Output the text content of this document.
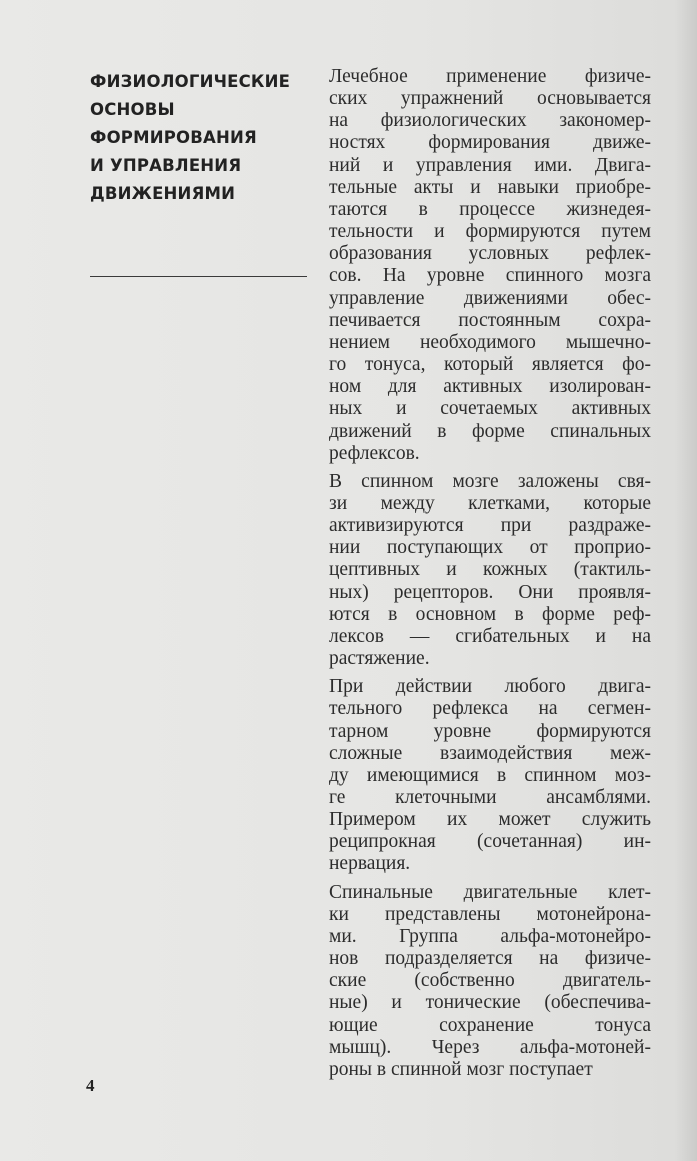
ФИЗИОЛОГИЧЕСКИЕ
ОСНОВЫ
ФОРМИРОВАНИЯ
И УПРАВЛЕНИЯ
ДВИЖЕНИЯМИ

Лечебное применение физиче-
ских упражнений основывается
на физиологических закономер-
ностях формирования движе-
ний и управления ими. Двига-
тельные акты и навыки приобре-
таются в процессе жизнедея-
тельности и формируются путем
образования условных рефлек-
сов. На уровне спинного мозга
управление движениями обес-
печивается постоянным сохра-
нением необходимого мышечно-
го тонуса, который является фо-
ном для активных изолирован-
ных и сочетаемых активных
движений в форме спинальных
рефлексов.

В спинном мозге заложены свя-
зи между клетками, которые
активизируются при раздраже-
нии поступающих от проприо-
цептивных и кожных (тактиль-
ных) рецепторов. Они проявля-
ются в основном в форме реф-
лексов — сгибательных и на
растяжение.

При действии любого двига-
тельного рефлекса на сегмен-
тарном уровне формируются
сложные взаимодействия меж-
ду имеющимися в спинном моз-
ге клеточными ансамблями.
Примером их может служить
реципрокная (сочетанная) ин-
нервация.

Спинальные двигательные клет-
ки представлены мотонейрона-
ми. Группа альфа-мотонейро-
нов подразделяется на физиче-
ские (собственно двигатель-
ные) и тонические (обеспечива-
ющие сохранение тонуса
мышц). Через альфа-мотоней-
роны в спинной мозг поступает

4
